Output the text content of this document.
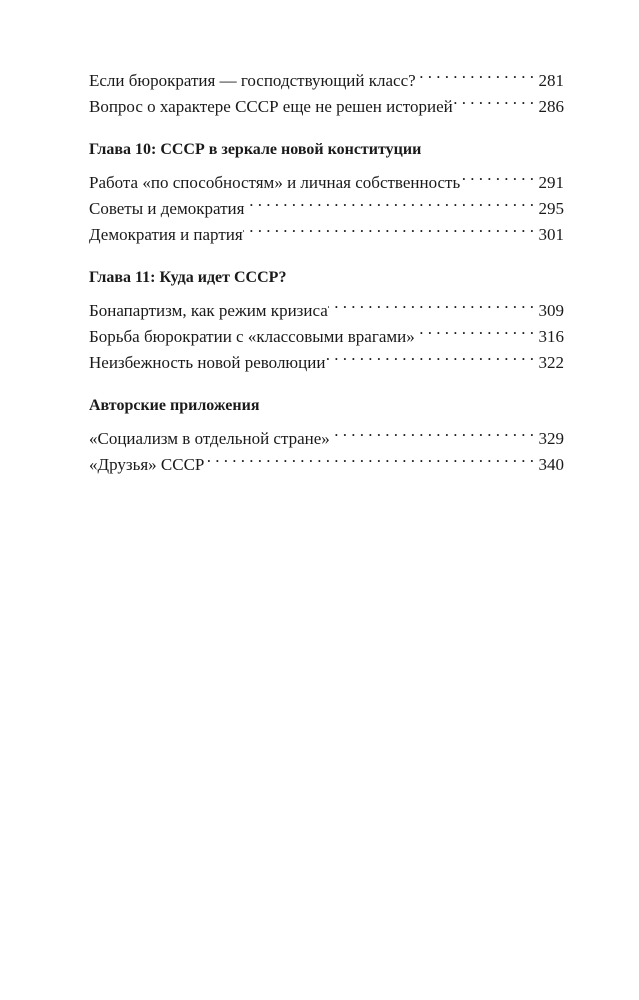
Если бюрократия — господствующий класс? . . .	281
Вопрос о характере СССР еще не решен историей . . .	286
Глава 10: СССР в зеркале новой конституции
Работа «по способностям» и личная собственность . . .	291
Советы и демократия . . .	295
Демократия и партия . . .	301
Глава 11: Куда идет СССР?
Бонапартизм, как режим кризиса . . .	309
Борьба бюрократии с «классовыми врагами» . . .	316
Неизбежность новой революции . . .	322
Авторские приложения
«Социализм в отдельной стране» . . .	329
«Друзья» СССР . . .	340
